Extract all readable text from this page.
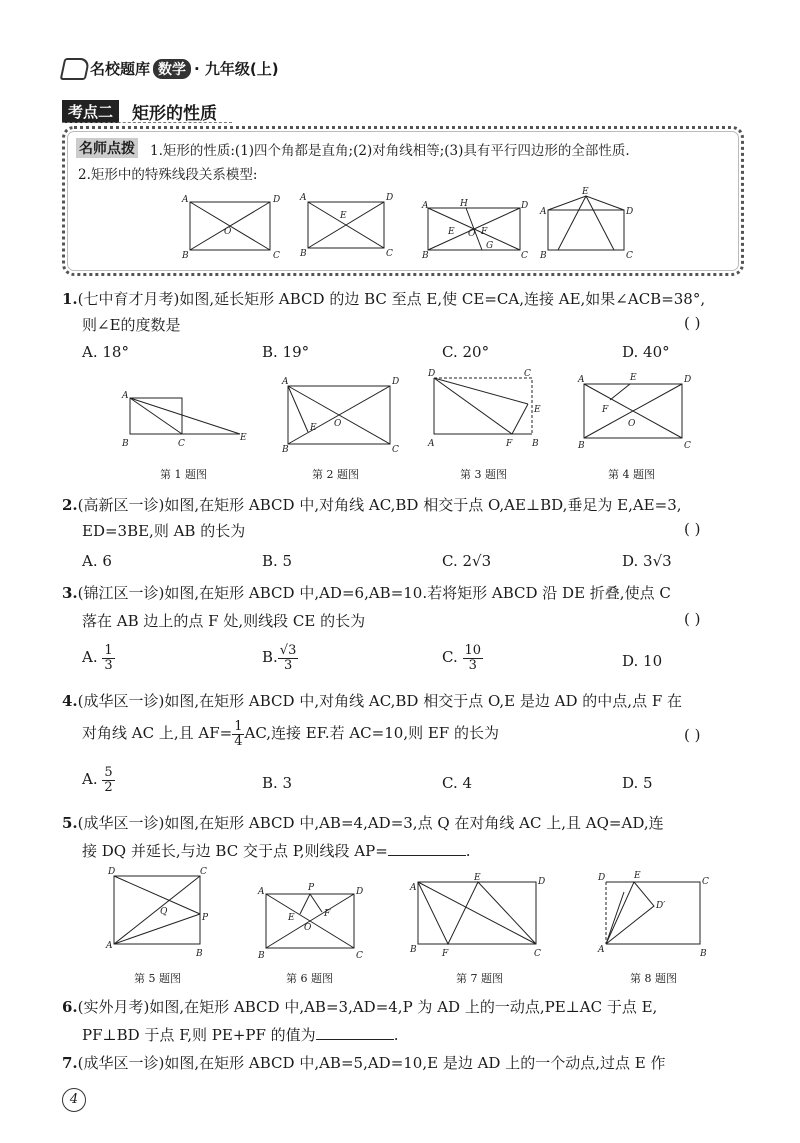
名校题库 数学 · 九年级(上)
考点二	矩形的性质
名师点拨 1.矩形的性质:(1)四个角都是直角;(2)对角线相等;(3)具有平行四边形的全部性质.
2.矩形中的特殊线段关系模型:
A	D
B	C
O
A	D
B	C
E
A	D
B	C
H
E O F
G
A	D
B	C
E
1.(七中育才月考)如图,延长矩形 ABCD 的边 BC 至点 E,使 CE=CA,连接 AE,如果∠ACB=38°,
则∠E的度数是	( )
A. 18°	B. 19°	C. 20°	D. 40°
A
B	C
E
A	D
B	C
E O
D	C
A	B
E
F
A	D
B	C
E
F
O
第 1 题图	第 2 题图	第 3 题图	第 4 题图
2.(高新区一诊)如图,在矩形 ABCD 中,对角线 AC,BD 相交于点 O,AE⊥BD,垂足为 E,AE=3,
ED=3BE,则 AB 的长为	( )
A. 6	B. 5	C. 2√3	D. 3√3
3.(锦江区一诊)如图,在矩形 ABCD 中,AD=6,AB=10.若将矩形 ABCD 沿 DE 折叠,使点 C
落在 AB 边上的点 F 处,则线段 CE 的长为	( )
A. $\frac{1}{3}$	B. $\frac{√3}{3}$	C. $\frac{10}{3}$	D. 10
4.(成华区一诊)如图,在矩形 ABCD 中,对角线 AC,BD 相交于点 O,E 是边 AD 的中点,点 F 在
对角线 AC 上,且 $AF= \frac{1}{4}$ AC,连接 EF.若 AC=10,则 EF 的长为	( )
A. $\frac{5}{2}$	B. 3	C. 4	D. 5
5.(成华区一诊)如图,在矩形 ABCD 中,AB=4,AD=3,点 Q 在对角线 AC 上,且 AQ=AD,连
接 DQ 并延长,与边 BC 交于点 P,则线段 AP=	.
D	C
A
B
Q
P
A	D
B	C
P
E	F
O
A
D
B	C
E
F
D	C
A	B
E
D′
第 5 题图	第 6 题图	第 7 题图	第 8 题图
6.(实外月考)如图,在矩形 ABCD 中,AB=3,AD=4,P 为 AD 上的一动点,PE⊥AC 于点 E,
PF⊥BD 于点 F,则 PE+PF 的值为	.
7.(成华区一诊)如图,在矩形 ABCD 中,AB=5,AD=10,E 是边 AD 上的一个动点,过点 E 作
4
